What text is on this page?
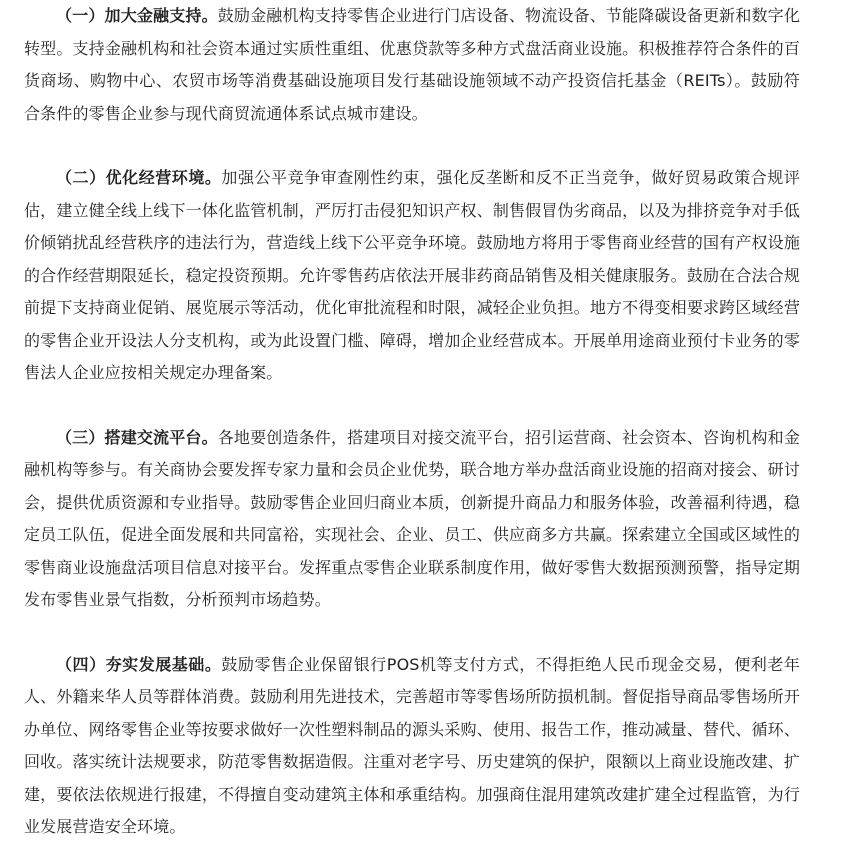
（一）加大金融支持。鼓励金融机构支持零售企业进行门店设备、物流设备、节能降碳设备更新和数字化转型。支持金融机构和社会资本通过实质性重组、优惠贷款等多种方式盘活商业设施。积极推荐符合条件的百货商场、购物中心、农贸市场等消费基础设施项目发行基础设施领域不动产投资信托基金（REITs）。鼓励符合条件的零售企业参与现代商贸流通体系试点城市建设。

（二）优化经营环境。加强公平竞争审查刚性约束，强化反垄断和反不正当竞争，做好贸易政策合规评估，建立健全线上线下一体化监管机制，严厉打击侵犯知识产权、制售假冒伪劣商品，以及为排挤竞争对手低价倾销扰乱经营秩序的违法行为，营造线上线下公平竞争环境。鼓励地方将用于零售商业经营的国有产权设施的合作经营期限延长，稳定投资预期。允许零售药店依法开展非药商品销售及相关健康服务。鼓励在合法合规前提下支持商业促销、展览展示等活动，优化审批流程和时限，减轻企业负担。地方不得变相要求跨区域经营的零售企业开设法人分支机构，或为此设置门槛、障碍，增加企业经营成本。开展单用途商业预付卡业务的零售法人企业应按相关规定办理备案。

（三）搭建交流平台。各地要创造条件，搭建项目对接交流平台，招引运营商、社会资本、咨询机构和金融机构等参与。有关商协会要发挥专家力量和会员企业优势，联合地方举办盘活商业设施的招商对接会、研讨会，提供优质资源和专业指导。鼓励零售企业回归商业本质，创新提升商品力和服务体验，改善福利待遇，稳定员工队伍，促进全面发展和共同富裕，实现社会、企业、员工、供应商多方共赢。探索建立全国或区域性的零售商业设施盘活项目信息对接平台。发挥重点零售企业联系制度作用，做好零售大数据预测预警，指导定期发布零售业景气指数，分析预判市场趋势。

（四）夯实发展基础。鼓励零售企业保留银行POS机等支付方式，不得拒绝人民币现金交易，便利老年人、外籍来华人员等群体消费。鼓励利用先进技术，完善超市等零售场所防损机制。督促指导商品零售场所开办单位、网络零售企业等按要求做好一次性塑料制品的源头采购、使用、报告工作，推动减量、替代、循环、回收。落实统计法规要求，防范零售数据造假。注重对老字号、历史建筑的保护，限额以上商业设施改建、扩建，要依法依规进行报建，不得擅自变动建筑主体和承重结构。加强商住混用建筑改建扩建全过程监管，为行业发展营造安全环境。
